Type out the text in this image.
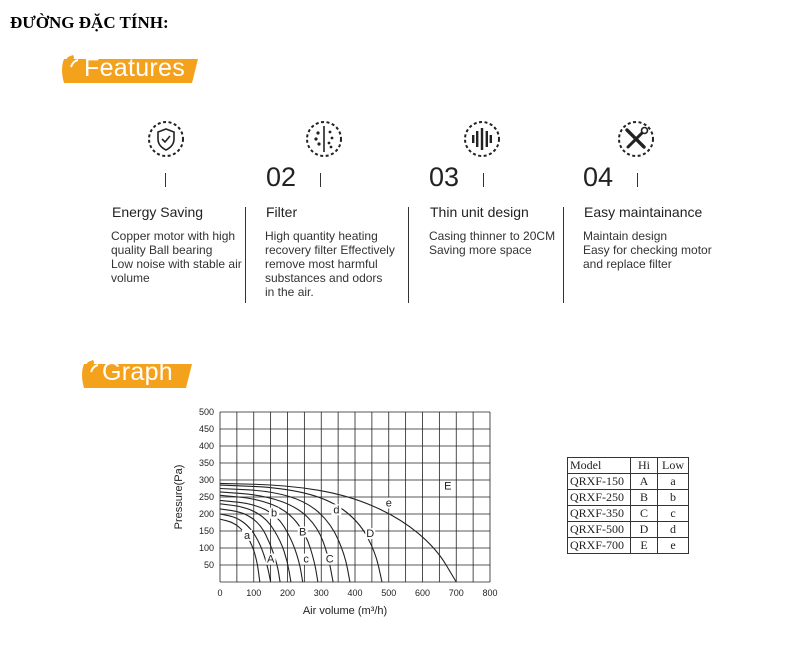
ĐƯỜNG ĐẶC TÍNH:
Features
02	03	04
Energy Saving
Copper motor with high
quality Ball bearing
Low noise with stable air
volume
Filter
High quantity heating
recovery filter Effectively
remove most harmful
substances and odors
in the air.
Thin unit design
Casing thinner to 20CM
Saving more space
Easy maintainance
Maintain design
Easy for checking motor
and replace filter
Graph
0	100 200 300 400 500 600 700 800
50
100
150
200
250
300
350
400
450
500
Air volume (m³/h)
Pressure(Pa)
a
A
b
B
c C
d
D
e
E
Model	Hi	Low
QRXF-150	A	a
QRXF-250	B	b
QRXF-350	C	c
QRXF-500	D	d
QRXF-700	E	e
